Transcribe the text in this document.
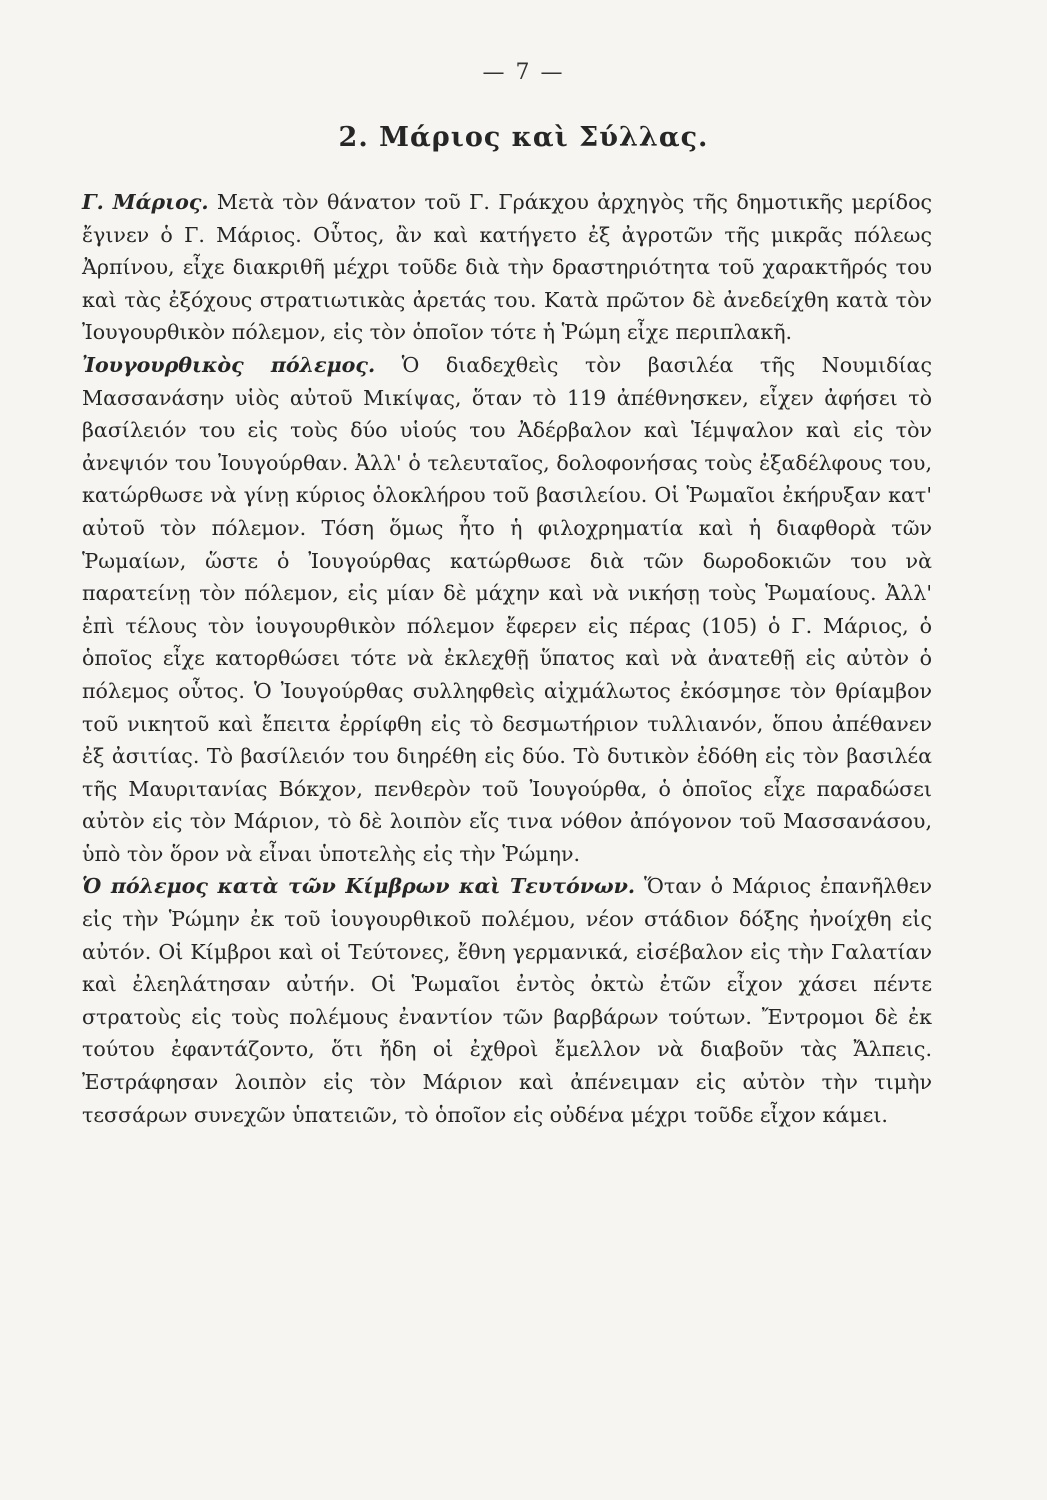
— 7 —
2. Μάριος καὶ Σύλλας.

Γ. Μάριος. Μετὰ τὸν θάνατον τοῦ Γ. Γράκχου ἀρχηγὸς τῆς δημοτικῆς μερίδος ἔγινεν ὁ Γ. Μάριος. Οὗτος, ἂν καὶ κατήγετο ἐξ ἀγροτῶν τῆς μικρᾶς πόλεως Ἀρπίνου, εἶχε διακριθῆ μέχρι τοῦδε διὰ τὴν δραστηριότητα τοῦ χαρακτῆρός του καὶ τὰς ἐξόχους στρατιωτικὰς ἀρετάς του. Κατὰ πρῶτον δὲ ἀνεδείχθη κατὰ τὸν Ἰουγουρθικὸν πόλεμον, εἰς τὸν ὁποῖον τότε ἡ Ῥώμη εἶχε περιπλακῆ.

Ἰουγουρθικὸς πόλεμος. Ὁ διαδεχθεὶς τὸν βασιλέα τῆς Νουμιδίας Μασσανάσην υἱὸς αὐτοῦ Μικίψας, ὅταν τὸ 119 ἀπέθνησκεν, εἶχεν ἀφήσει τὸ βασίλειόν του εἰς τοὺς δύο υἱούς του Ἀδέρβαλον καὶ Ἱέμψαλον καὶ εἰς τὸν ἀνεψιόν του Ἰουγούρθαν. Ἀλλ' ὁ τελευταῖος, δολοφονήσας τοὺς ἐξαδέλφους του, κατώρθωσε νὰ γίνῃ κύριος ὁλοκλήρου τοῦ βασιλείου. Οἱ Ῥωμαῖοι ἐκήρυξαν κατ' αὐτοῦ τὸν πόλεμον. Τόση ὅμως ἦτο ἡ φιλοχρηματία καὶ ἡ διαφθορὰ τῶν Ῥωμαίων, ὥστε ὁ Ἰουγούρθας κατώρθωσε διὰ τῶν δωροδοκιῶν του νὰ παρατείνῃ τὸν πόλεμον, εἰς μίαν δὲ μάχην καὶ νὰ νικήσῃ τοὺς Ῥωμαίους. Ἀλλ' ἐπὶ τέλους τὸν ἰουγουρθικὸν πόλεμον ἔφερεν εἰς πέρας (105) ὁ Γ. Μάριος, ὁ ὁποῖος εἶχε κατορθώσει τότε νὰ ἐκλεχθῇ ὕπατος καὶ νὰ ἀνατεθῇ εἰς αὐτὸν ὁ πόλεμος οὗτος. Ὁ Ἰουγούρθας συλληφθεὶς αἰχμάλωτος ἐκόσμησε τὸν θρίαμβον τοῦ νικητοῦ καὶ ἔπειτα ἐρρίφθη εἰς τὸ δεσμωτήριον τυλλιανόν, ὅπου ἀπέθανεν ἐξ ἀσιτίας. Τὸ βασίλειόν του διηρέθη εἰς δύο. Τὸ δυτικὸν ἐδόθη εἰς τὸν βασιλέα τῆς Μαυριτανίας Βόκχον, πενθερὸν τοῦ Ἰουγούρθα, ὁ ὁποῖος εἶχε παραδώσει αὐτὸν εἰς τὸν Μάριον, τὸ δὲ λοιπὸν εἴς τινα νόθον ἀπόγονον τοῦ Μασσανάσου, ὑπὸ τὸν ὅρον νὰ εἶναι ὑποτελὴς εἰς τὴν Ῥώμην.

Ὁ πόλεμος κατὰ τῶν Κίμβρων καὶ Τευτόνων. Ὅταν ὁ Μάριος ἐπανῆλθεν εἰς τὴν Ῥώμην ἐκ τοῦ ἰουγουρθικοῦ πολέμου, νέον στάδιον δόξης ἠνοίχθη εἰς αὐτόν. Οἱ Κίμβροι καὶ οἱ Τεύτονες, ἔθνη γερμανικά, εἰσέβαλον εἰς τὴν Γαλατίαν καὶ ἐλεηλάτησαν αὐτήν. Οἱ Ῥωμαῖοι ἐντὸς ὀκτὼ ἐτῶν εἶχον χάσει πέντε στρατοὺς εἰς τοὺς πολέμους ἐναντίον τῶν βαρβάρων τούτων. Ἔντρομοι δὲ ἐκ τούτου ἐφαντάζοντο, ὅτι ἤδη οἱ ἐχθροὶ ἔμελλον νὰ διαβοῦν τὰς Ἄλπεις. Ἐστράφησαν λοιπὸν εἰς τὸν Μάριον καὶ ἀπένειμαν εἰς αὐτὸν τὴν τιμὴν τεσσάρων συνεχῶν ὑπατειῶν, τὸ ὁποῖον εἰς οὐδένα μέχρι τοῦδε εἶχον κάμει.
